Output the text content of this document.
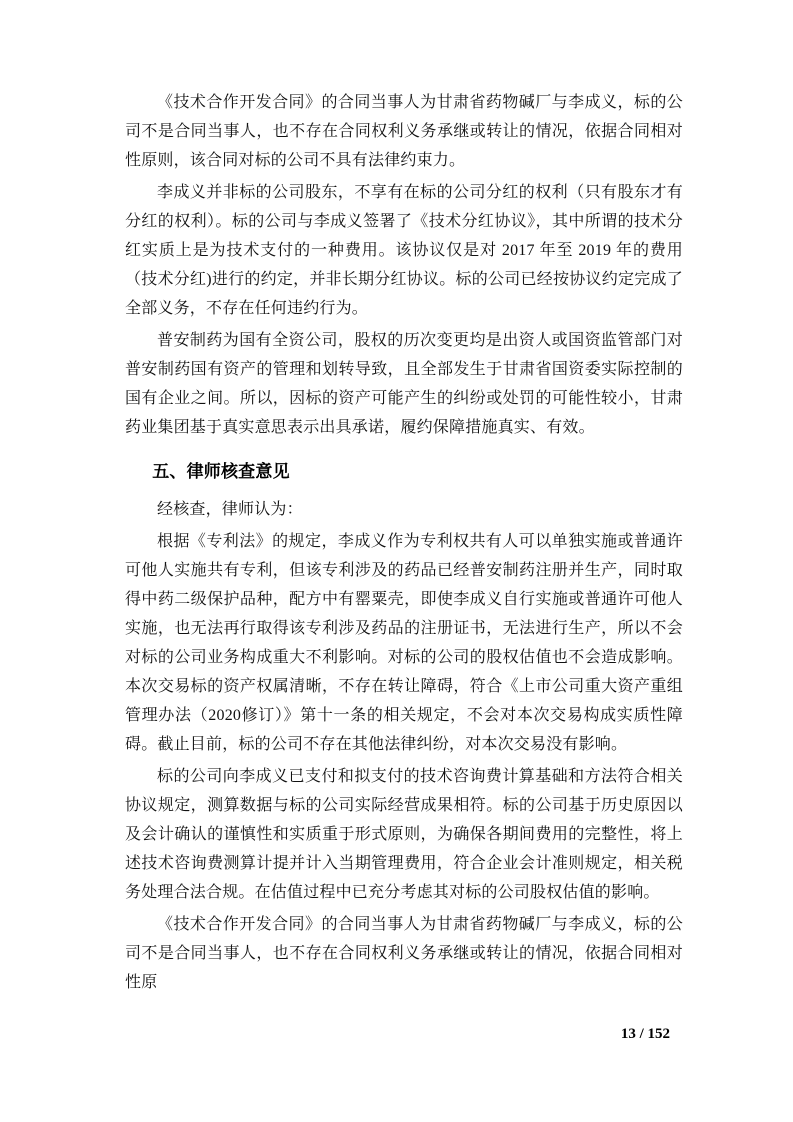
《技术合作开发合同》的合同当事人为甘肃省药物碱厂与李成义，标的公司不是合同当事人，也不存在合同权利义务承继或转让的情况，依据合同相对性原则，该合同对标的公司不具有法律约束力。

李成义并非标的公司股东，不享有在标的公司分红的权利（只有股东才有分红的权利）。标的公司与李成义签署了《技术分红协议》，其中所谓的技术分红实质上是为技术支付的一种费用。该协议仅是对 2017 年至 2019 年的费用（技术分红)进行的约定，并非长期分红协议。标的公司已经按协议约定完成了全部义务，不存在任何违约行为。

普安制药为国有全资公司，股权的历次变更均是出资人或国资监管部门对普安制药国有资产的管理和划转导致，且全部发生于甘肃省国资委实际控制的国有企业之间。所以，因标的资产可能产生的纠纷或处罚的可能性较小，甘肃药业集团基于真实意思表示出具承诺，履约保障措施真实、有效。

五、律师核查意见

经核查，律师认为：

根据《专利法》的规定，李成义作为专利权共有人可以单独实施或普通许可他人实施共有专利，但该专利涉及的药品已经普安制药注册并生产，同时取得中药二级保护品种，配方中有罂粟壳，即使李成义自行实施或普通许可他人实施，也无法再行取得该专利涉及药品的注册证书，无法进行生产，所以不会对标的公司业务构成重大不利影响。对标的公司的股权估值也不会造成影响。本次交易标的资产权属清晰，不存在转让障碍，符合《上市公司重大资产重组管理办法（2020修订）》第十一条的相关规定，不会对本次交易构成实质性障碍。截止目前，标的公司不存在其他法律纠纷，对本次交易没有影响。

标的公司向李成义已支付和拟支付的技术咨询费计算基础和方法符合相关协议规定，测算数据与标的公司实际经营成果相符。标的公司基于历史原因以及会计确认的谨慎性和实质重于形式原则，为确保各期间费用的完整性，将上述技术咨询费测算计提并计入当期管理费用，符合企业会计准则规定，相关税务处理合法合规。在估值过程中已充分考虑其对标的公司股权估值的影响。

《技术合作开发合同》的合同当事人为甘肃省药物碱厂与李成义，标的公司不是合同当事人，也不存在合同权利义务承继或转让的情况，依据合同相对性原

13 / 152
